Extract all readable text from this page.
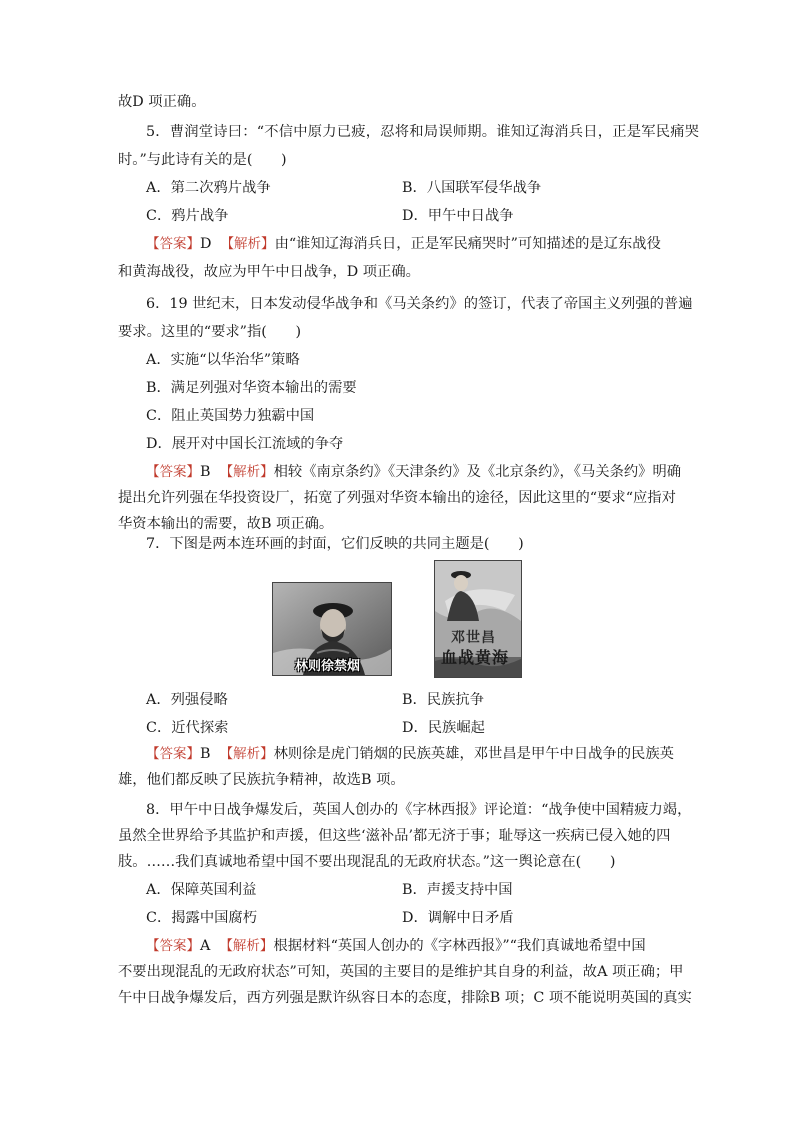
故D 项正确。
5．曹润堂诗曰：“不信中原力已疲，忍将和局误师期。谁知辽海消兵日，正是军民痛哭
时。”与此诗有关的是(　　)
A．第二次鸦片战争	B．八国联军侵华战争
C．鸦片战争	D．甲午中日战争
【答案】D 【解析】由“谁知辽海消兵日，正是军民痛哭时”可知描述的是辽东战役
和黄海战役，故应为甲午中日战争，D 项正确。
6．19 世纪末，日本发动侵华战争和《马关条约》的签订，代表了帝国主义列强的普遍
要求。这里的“要求”指(　　)
A．实施“以华治华”策略
B．满足列强对华资本输出的需要
C．阻止英国势力独霸中国
D．展开对中国长江流域的争夺
【答案】B 【解析】相较《南京条约》《天津条约》及《北京条约》，《马关条约》明确
提出允许列强在华投资设厂，拓宽了列强对华资本输出的途径，因此这里的“要求“应指对
华资本输出的需要，故B 项正确。
7．下图是两本连环画的封面，它们反映的共同主题是(　　)
林则徐禁烟
邓世昌
血战黄海
A．列强侵略	B．民族抗争
C．近代探索	D．民族崛起
【答案】B 【解析】林则徐是虎门销烟的民族英雄，邓世昌是甲午中日战争的民族英
雄，他们都反映了民族抗争精神，故选B 项。
8．甲午中日战争爆发后，英国人创办的《字林西报》评论道：“战争使中国精疲力竭，
虽然全世界给予其监护和声援，但这些‘滋补品’都无济于事；耻辱这一疾病已侵入她的四
肢。……我们真诚地希望中国不要出现混乱的无政府状态。”这一舆论意在(　　)
A．保障英国利益	B．声援支持中国
C．揭露中国腐朽	D．调解中日矛盾
【答案】A 【解析】根据材料“英国人创办的《字林西报》”“我们真诚地希望中国
不要出现混乱的无政府状态”可知，英国的主要目的是维护其自身的利益，故A 项正确；甲
午中日战争爆发后，西方列强是默许纵容日本的态度，排除B 项；C 项不能说明英国的真实
